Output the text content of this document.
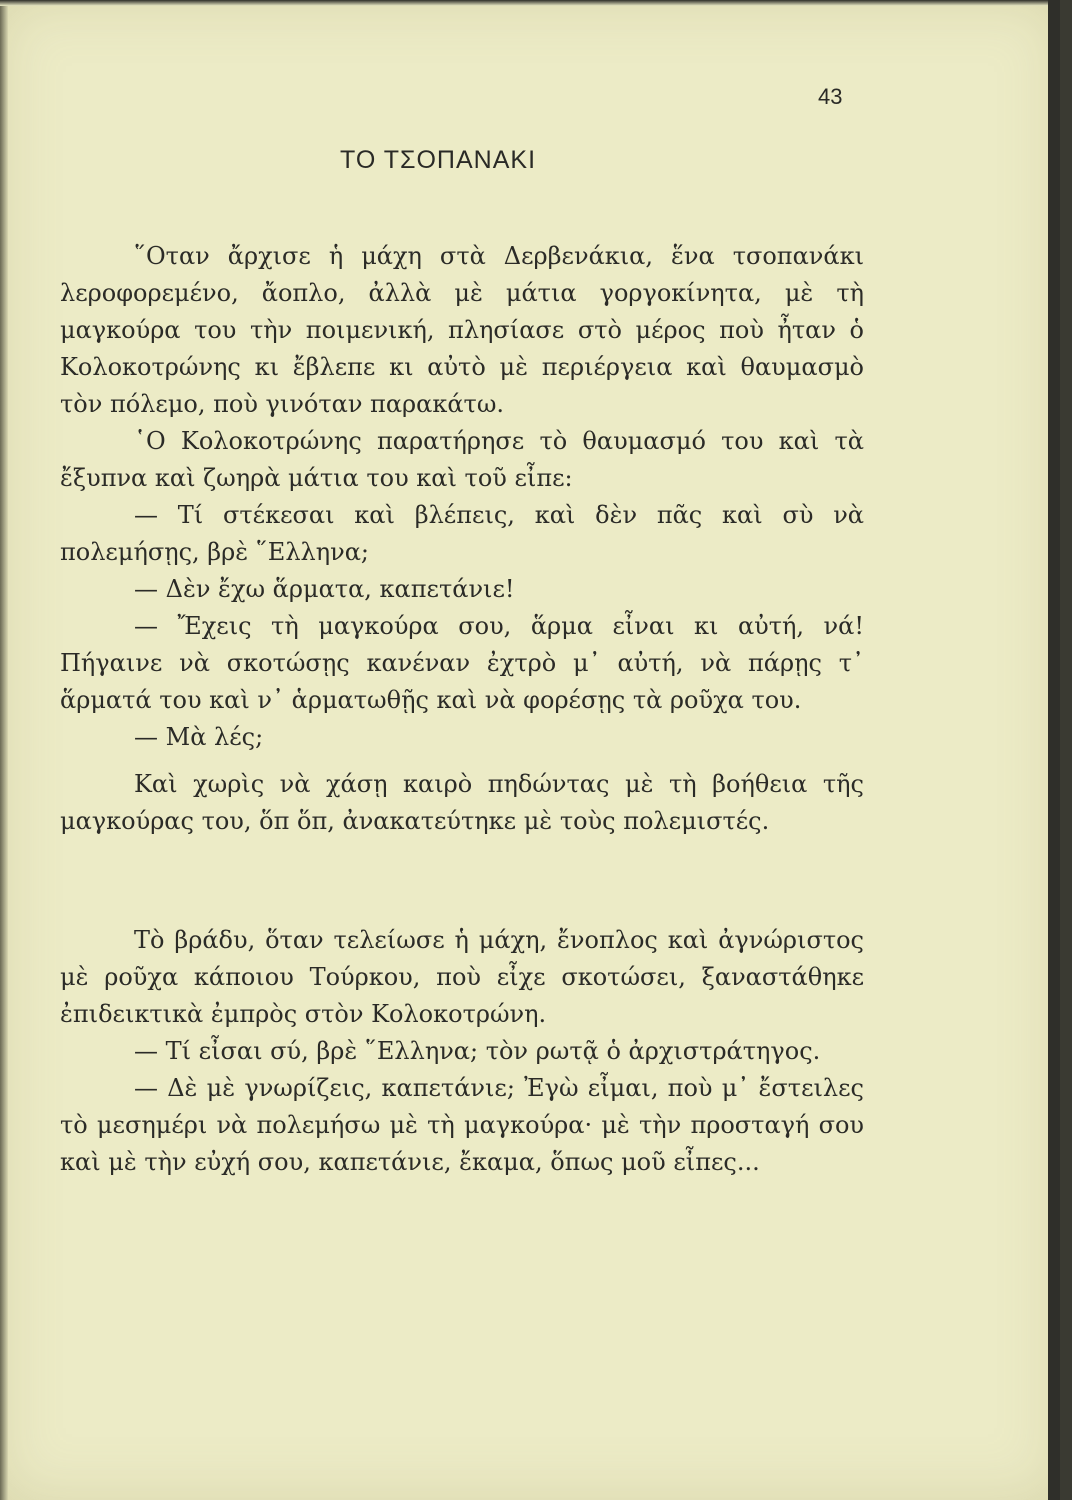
43
ΤΟ ΤΣΟΠΑΝΑΚΙ

῞Οταν ἄρχισε ἡ μάχη στὰ Δερβενάκια, ἕνα τσοπανάκι λεροφορεμένο, ἄοπλο, ἀλλὰ μὲ μάτια γοργοκίνητα, μὲ τὴ μαγκούρα του τὴν ποιμενική, πλησίασε στὸ μέρος ποὺ ἦταν ὁ Κολοκοτρώνης κι ἔβλεπε κι αὐτὸ μὲ περιέργεια καὶ θαυμασμὸ τὸν πόλεμο, ποὺ γινόταν παρακάτω.

῾Ο Κολοκοτρώνης παρατήρησε τὸ θαυμασμό του καὶ τὰ ἔξυπνα καὶ ζωηρὰ μάτια του καὶ τοῦ εἶπε:

— Τί στέκεσαι καὶ βλέπεις, καὶ δὲν πᾶς καὶ σὺ νὰ πολεμήσῃς, βρὲ ῞Ελληνα;

— Δὲν ἔχω ἅρματα, καπετάνιε!

— Ἔχεις τὴ μαγκούρα σου, ἅρμα εἶναι κι αὐτή, νά! Πήγαινε νὰ σκοτώσῃς κανέναν ἐχτρὸ μ᾿ αὐτή, νὰ πάρῃς τ᾿ ἅρματά του καὶ ν᾿ ἁρματωθῇς καὶ νὰ φορέσῃς τὰ ροῦχα του.

— Μὰ λές;

Καὶ χωρὶς νὰ χάσῃ καιρὸ πηδώντας μὲ τὴ βοήθεια τῆς μαγκούρας του, ὅπ ὅπ, ἀνακατεύτηκε μὲ τοὺς πολεμιστές.

Τὸ βράδυ, ὅταν τελείωσε ἡ μάχη, ἔνοπλος καὶ ἀγνώριστος μὲ ροῦχα κάποιου Τούρκου, ποὺ εἶχε σκοτώσει, ξαναστάθηκε ἐπιδεικτικὰ ἐμπρὸς στὸν Κολοκοτρώνη.

— Τί εἶσαι σύ, βρὲ ῞Ελληνα; τὸν ρωτᾷ ὁ ἀρχιστράτηγος.

— Δὲ μὲ γνωρίζεις, καπετάνιε; Ἐγὼ εἶμαι, ποὺ μ᾿ ἔστειλες τὸ μεσημέρι νὰ πολεμήσω μὲ τὴ μαγκούρα· μὲ τὴν προσταγή σου καὶ μὲ τὴν εὐχή σου, καπετάνιε, ἔκαμα, ὅπως μοῦ εἶπες...
